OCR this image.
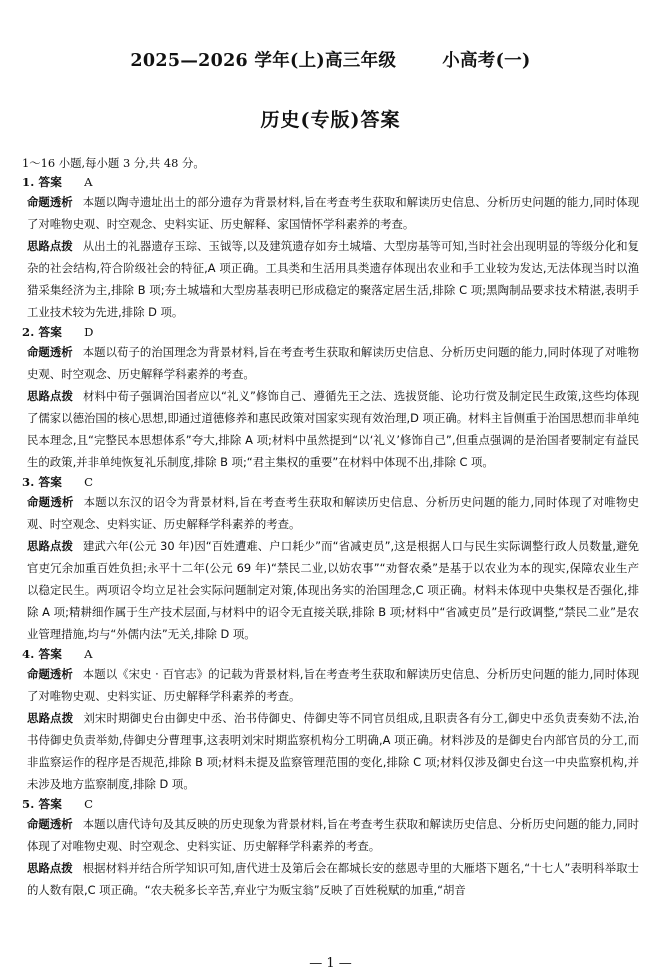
2025—2026 学年(上)高三年级	小高考(一)
历史(专版)答案
1～16 小题,每小题 3 分,共 48 分。
1. 答案 A

命题透析 本题以陶寺遗址出土的部分遗存为背景材料,旨在考查考生获取和解读历史信息、分析历史问题的能力,同时体现了对唯物史观、时空观念、史料实证、历史解释、家国情怀学科素养的考查。

思路点拨 从出土的礼器遗存玉琮、玉钺等,以及建筑遗存如夯土城墙、大型房基等可知,当时社会出现明显的等级分化和复杂的社会结构,符合阶级社会的特征,A 项正确。工具类和生活用具类遗存体现出农业和手工业较为发达,无法体现当时以渔猎采集经济为主,排除 B 项;夯土城墙和大型房基表明已形成稳定的聚落定居生活,排除 C 项;黑陶制品要求技术精湛,表明手工业技术较为先进,排除 D 项。

2. 答案 D

命题透析 本题以荀子的治国理念为背景材料,旨在考查考生获取和解读历史信息、分析历史问题的能力,同时体现了对唯物史观、时空观念、历史解释学科素养的考查。

思路点拨 材料中荀子强调治国者应以“礼义”修饰自己、遵循先王之法、选拔贤能、论功行赏及制定民生政策,这些均体现了儒家以德治国的核心思想,即通过道德修养和惠民政策对国家实现有效治理,D 项正确。材料主旨侧重于治国思想而非单纯民本理念,且“完整民本思想体系”夸大,排除 A 项;材料中虽然提到“以‘礼义’修饰自己”,但重点强调的是治国者要制定有益民生的政策,并非单纯恢复礼乐制度,排除 B 项;“君主集权的重要”在材料中体现不出,排除 C 项。

3. 答案 C

命题透析 本题以东汉的诏令为背景材料,旨在考查考生获取和解读历史信息、分析历史问题的能力,同时体现了对唯物史观、时空观念、史料实证、历史解释学科素养的考查。

思路点拨 建武六年(公元 30 年)因“百姓遭难、户口耗少”而“省减吏员”,这是根据人口与民生实际调整行政人员数量,避免官吏冗余加重百姓负担;永平十二年(公元 69 年)“禁民二业,以妨农事”“劝督农桑”是基于以农业为本的现实,保障农业生产以稳定民生。两项诏令均立足社会实际问题制定对策,体现出务实的治国理念,C 项正确。材料未体现中央集权是否强化,排除 A 项;精耕细作属于生产技术层面,与材料中的诏令无直接关联,排除 B 项;材料中“省减吏员”是行政调整,“禁民二业”是农业管理措施,均与“外儒内法”无关,排除 D 项。

4. 答案 A

命题透析 本题以《宋史 · 百官志》的记载为背景材料,旨在考查考生获取和解读历史信息、分析历史问题的能力,同时体现了对唯物史观、史料实证、历史解释学科素养的考查。

思路点拨 刘宋时期御史台由御史中丞、治书侍御史、侍御史等不同官员组成,且职责各有分工,御史中丞负责奏劾不法,治书侍御史负责举劾,侍御史分曹理事,这表明刘宋时期监察机构分工明确,A 项正确。材料涉及的是御史台内部官员的分工,而非监察运作的程序是否规范,排除 B 项;材料未提及监察管理范围的变化,排除 C 项;材料仅涉及御史台这一中央监察机构,并未涉及地方监察制度,排除 D 项。

5. 答案 C

命题透析 本题以唐代诗句及其反映的历史现象为背景材料,旨在考查考生获取和解读历史信息、分析历史问题的能力,同时体现了对唯物史观、时空观念、史料实证、历史解释学科素养的考查。

思路点拨 根据材料并结合所学知识可知,唐代进士及第后会在都城长安的慈恩寺里的大雁塔下题名,“十七人”表明科举取士的人数有限,C 项正确。“农夫税多长辛苦,弃业宁为贩宝翁”反映了百姓税赋的加重,“胡音

— 1 —
